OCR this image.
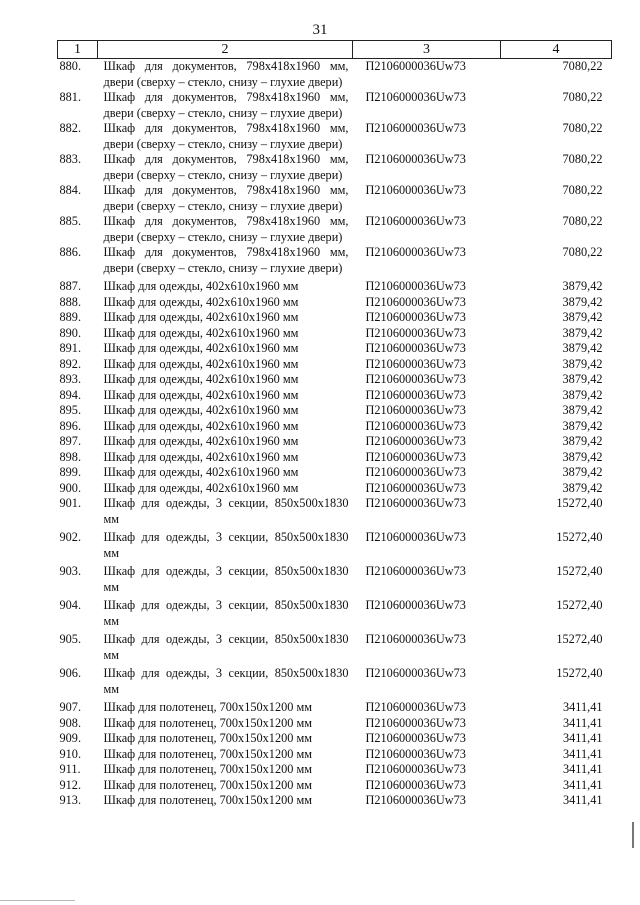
31
1	2	3	4
880.	Шкаф для документов, 798x418x1960 мм, двери (сверху – стекло, снизу – глухие двери)	П2106000036Uw73	7080,22
881.	Шкаф для документов, 798x418x1960 мм, двери (сверху – стекло, снизу – глухие двери)	П2106000036Uw73	7080,22
882.	Шкаф для документов, 798x418x1960 мм, двери (сверху – стекло, снизу – глухие двери)	П2106000036Uw73	7080,22
883.	Шкаф для документов, 798x418x1960 мм, двери (сверху – стекло, снизу – глухие двери)	П2106000036Uw73	7080,22
884.	Шкаф для документов, 798x418x1960 мм, двери (сверху – стекло, снизу – глухие двери)	П2106000036Uw73	7080,22
885.	Шкаф для документов, 798x418x1960 мм, двери (сверху – стекло, снизу – глухие двери)	П2106000036Uw73	7080,22
886.	Шкаф для документов, 798x418x1960 мм, двери (сверху – стекло, снизу – глухие двери)	П2106000036Uw73	7080,22
887.	Шкаф для одежды, 402x610x1960 мм	П2106000036Uw73	3879,42
888.	Шкаф для одежды, 402x610x1960 мм	П2106000036Uw73	3879,42
889.	Шкаф для одежды, 402x610x1960 мм	П2106000036Uw73	3879,42
890.	Шкаф для одежды, 402x610x1960 мм	П2106000036Uw73	3879,42
891.	Шкаф для одежды, 402x610x1960 мм	П2106000036Uw73	3879,42
892.	Шкаф для одежды, 402x610x1960 мм	П2106000036Uw73	3879,42
893.	Шкаф для одежды, 402x610x1960 мм	П2106000036Uw73	3879,42
894.	Шкаф для одежды, 402x610x1960 мм	П2106000036Uw73	3879,42
895.	Шкаф для одежды, 402x610x1960 мм	П2106000036Uw73	3879,42
896.	Шкаф для одежды, 402x610x1960 мм	П2106000036Uw73	3879,42
897.	Шкаф для одежды, 402x610x1960 мм	П2106000036Uw73	3879,42
898.	Шкаф для одежды, 402x610x1960 мм	П2106000036Uw73	3879,42
899.	Шкаф для одежды, 402x610x1960 мм	П2106000036Uw73	3879,42
900.	Шкаф для одежды, 402x610x1960 мм	П2106000036Uw73	3879,42
901.	Шкаф для одежды, 3 секции, 850x500x1830 мм	П2106000036Uw73	15272,40
902.	Шкаф для одежды, 3 секции, 850x500x1830 мм	П2106000036Uw73	15272,40
903.	Шкаф для одежды, 3 секции, 850x500x1830 мм	П2106000036Uw73	15272,40
904.	Шкаф для одежды, 3 секции, 850x500x1830 мм	П2106000036Uw73	15272,40
905.	Шкаф для одежды, 3 секции, 850x500x1830 мм	П2106000036Uw73	15272,40
906.	Шкаф для одежды, 3 секции, 850x500x1830 мм	П2106000036Uw73	15272,40
907.	Шкаф для полотенец, 700x150x1200 мм	П2106000036Uw73	3411,41
908.	Шкаф для полотенец, 700x150x1200 мм	П2106000036Uw73	3411,41
909.	Шкаф для полотенец, 700x150x1200 мм	П2106000036Uw73	3411,41
910.	Шкаф для полотенец, 700x150x1200 мм	П2106000036Uw73	3411,41
911.	Шкаф для полотенец, 700x150x1200 мм	П2106000036Uw73	3411,41
912.	Шкаф для полотенец, 700x150x1200 мм	П2106000036Uw73	3411,41
913.	Шкаф для полотенец, 700x150x1200 мм	П2106000036Uw73	3411,41
